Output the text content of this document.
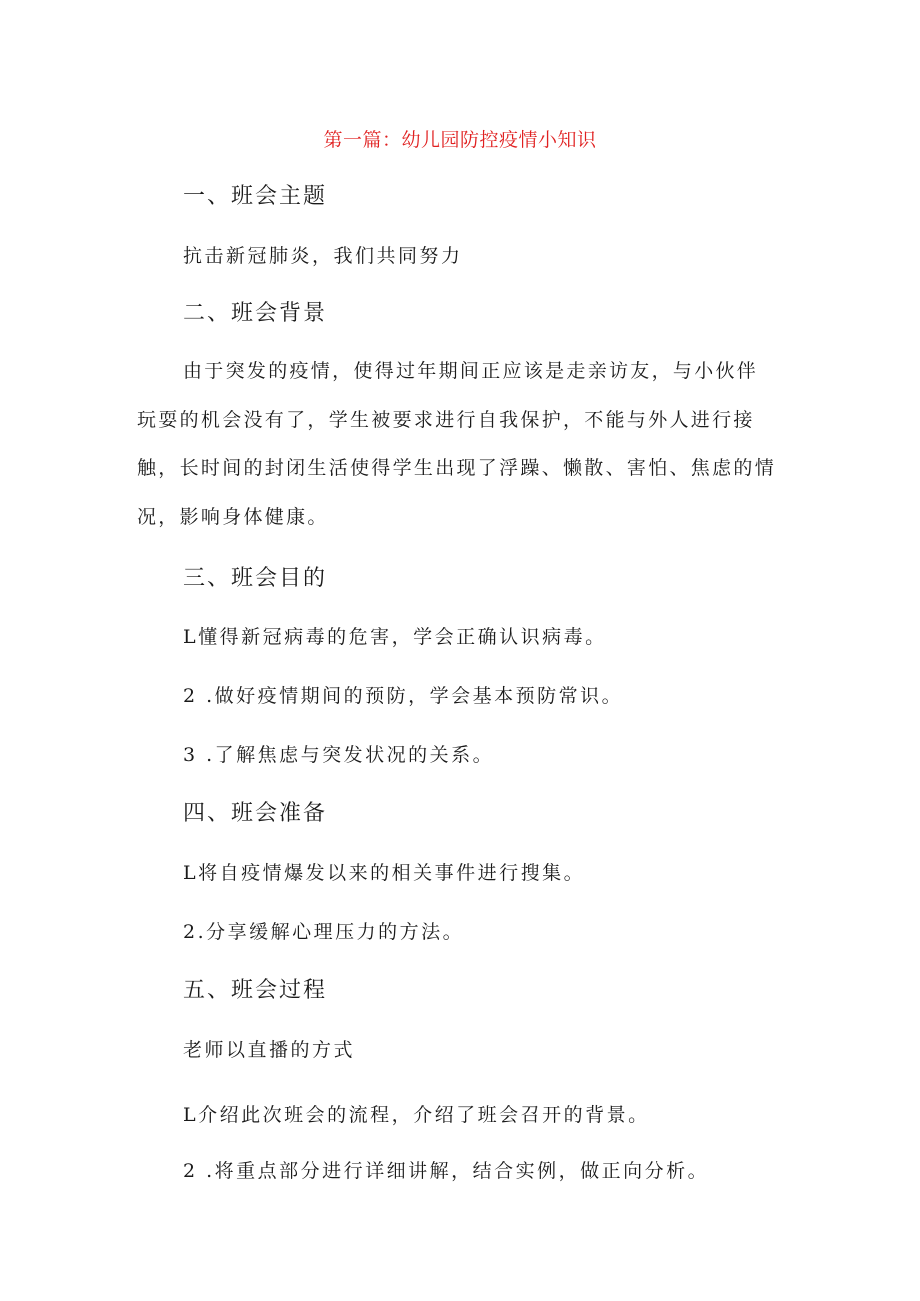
第一篇：幼儿园防控疫情小知识
一、班会主题
抗击新冠肺炎，我们共同努力
二、班会背景
由于突发的疫情，使得过年期间正应该是走亲访友，与小伙伴玩耍的机会没有了，学生被要求进行自我保护，不能与外人进行接触，长时间的封闭生活使得学生出现了浮躁、懒散、害怕、焦虑的情况，影响身体健康。
三、班会目的
L懂得新冠病毒的危害，学会正确认识病毒。
2 .做好疫情期间的预防，学会基本预防常识。
3 .了解焦虑与突发状况的关系。
四、班会准备
L将自疫情爆发以来的相关事件进行搜集。
2.分享缓解心理压力的方法。
五、班会过程
老师以直播的方式
L介绍此次班会的流程，介绍了班会召开的背景。
2 .将重点部分进行详细讲解，结合实例，做正向分析。
